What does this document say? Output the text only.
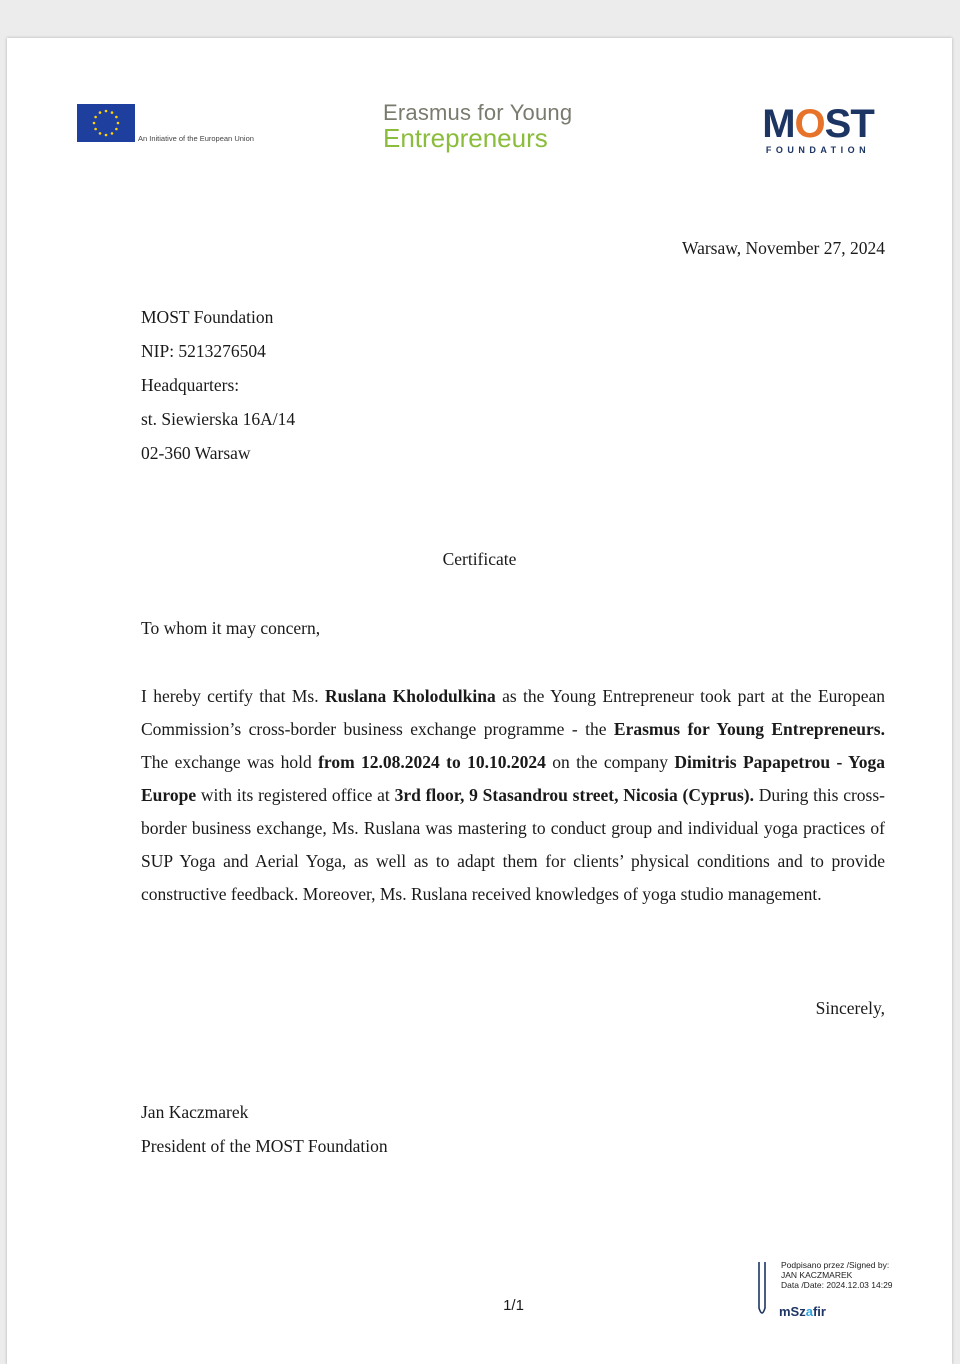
An Initiative of the European Union
Erasmus for Young
Entrepreneurs	MOST
FOUNDATION
Warsaw, November 27, 2024
MOST Foundation
NIP: 5213276504
Headquarters:
st. Siewierska 16A/14
02-360 Warsaw
Certificate
To whom it may concern,
I hereby certify that Ms. Ruslana Kholodulkina as the Young Entrepreneur took part at the European Commission’s cross-border business exchange programme - the Erasmus for Young Entrepreneurs. The exchange was hold from 12.08.2024 to 10.10.2024 on the company Dimitris Papapetrou - Yoga Europe with its registered office at 3rd floor, 9 Stasandrou street, Nicosia (Cyprus). During this cross-border business exchange, Ms. Ruslana was mastering to conduct group and individual yoga practices of SUP Yoga and Aerial Yoga, as well as to adapt them for clients’ physical conditions and to provide constructive feedback. Moreover, Ms. Ruslana received knowledges of yoga studio management.
Sincerely,
Jan Kaczmarek
President of the MOST Foundation
Podpisano przez /Signed by:
JAN KACZMAREK
Data /Date: 2024.12.03 14:29
mSzafir
1/1
